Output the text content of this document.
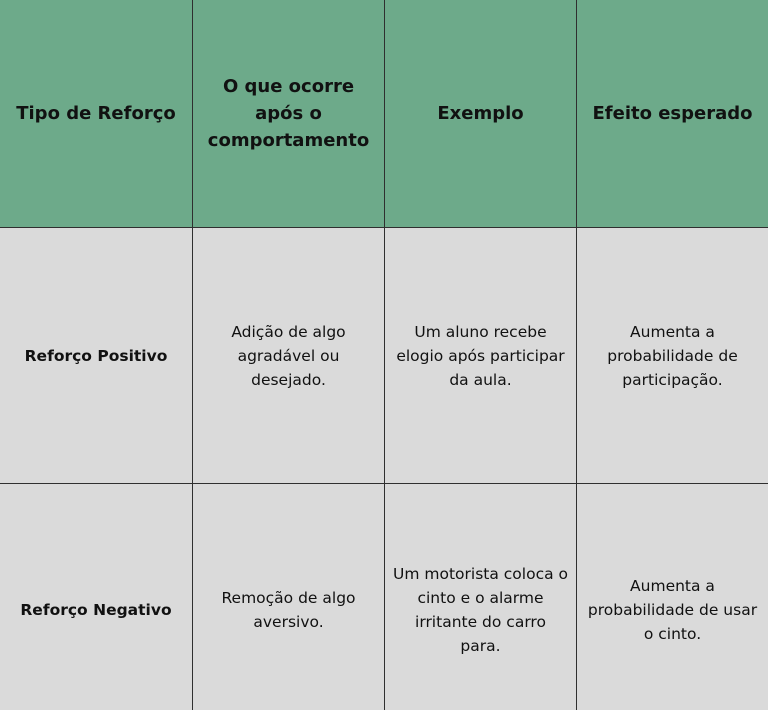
Tipo de Reforço
O que ocorre após o comportamento
Exemplo	Efeito esperado
Reforço Positivo
Adição de algo agradável ou desejado.
Um aluno recebe elogio após participar da aula.
Aumenta a probabilidade de participação.
Reforço Negativo
Remoção de algo aversivo.
Um motorista coloca o cinto e o alarme irritante do carro para.
Aumenta a probabilidade de usar o cinto.
